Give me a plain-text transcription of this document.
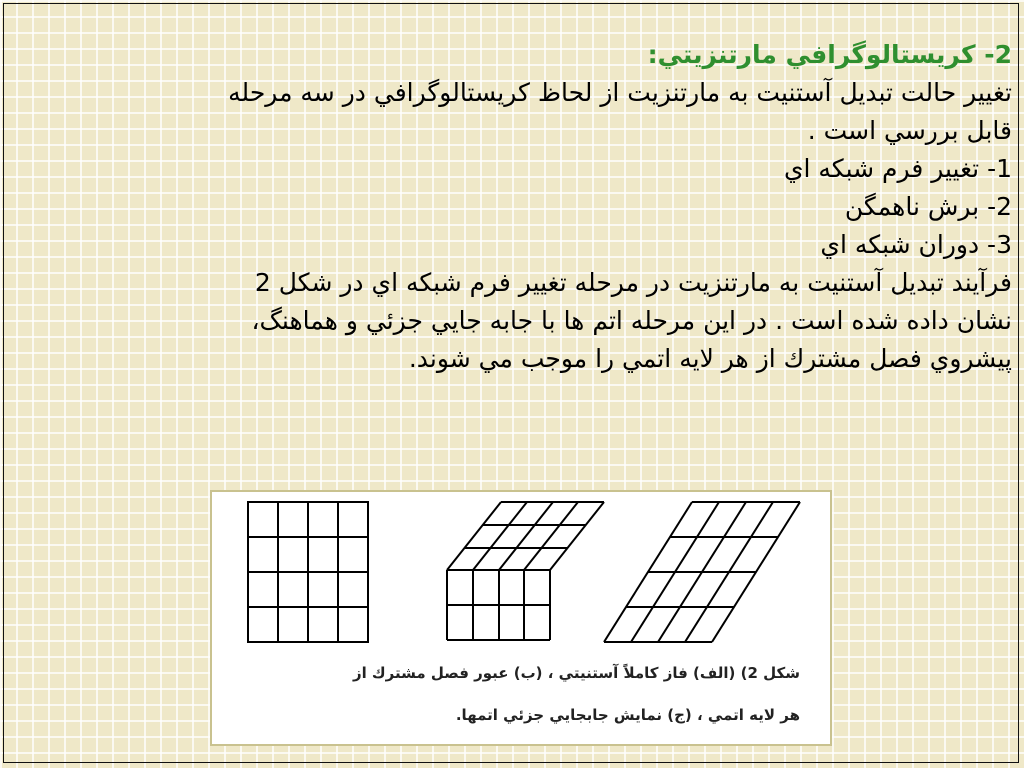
2- كريستالوگرافي مارتنزيتي:

تغيير حالت تبديل آستنيت به مارتنزيت از لحاظ كريستالوگرافي در سه مرحله

قابل بررسي است .

1- تغيير فرم شبكه اي

2- برش ناهمگن

3- دوران شبكه اي

فرآيند تبديل آستنيت به مارتنزيت در مرحله تغيير فرم شبكه اي در شكل 2

نشان داده شده است . در اين مرحله اتم ها با جابه جايي جزئي و هماهنگ،

پيشروي فصل مشترك از هر لايه اتمي را موجب مي شوند.

شكل 2) (الف) فاز كاملاً آستنيتي ، (ب) عبور فصل مشترك از
هر لايه اتمي ، (ج) نمايش جابجايي جزئي اتمها.
